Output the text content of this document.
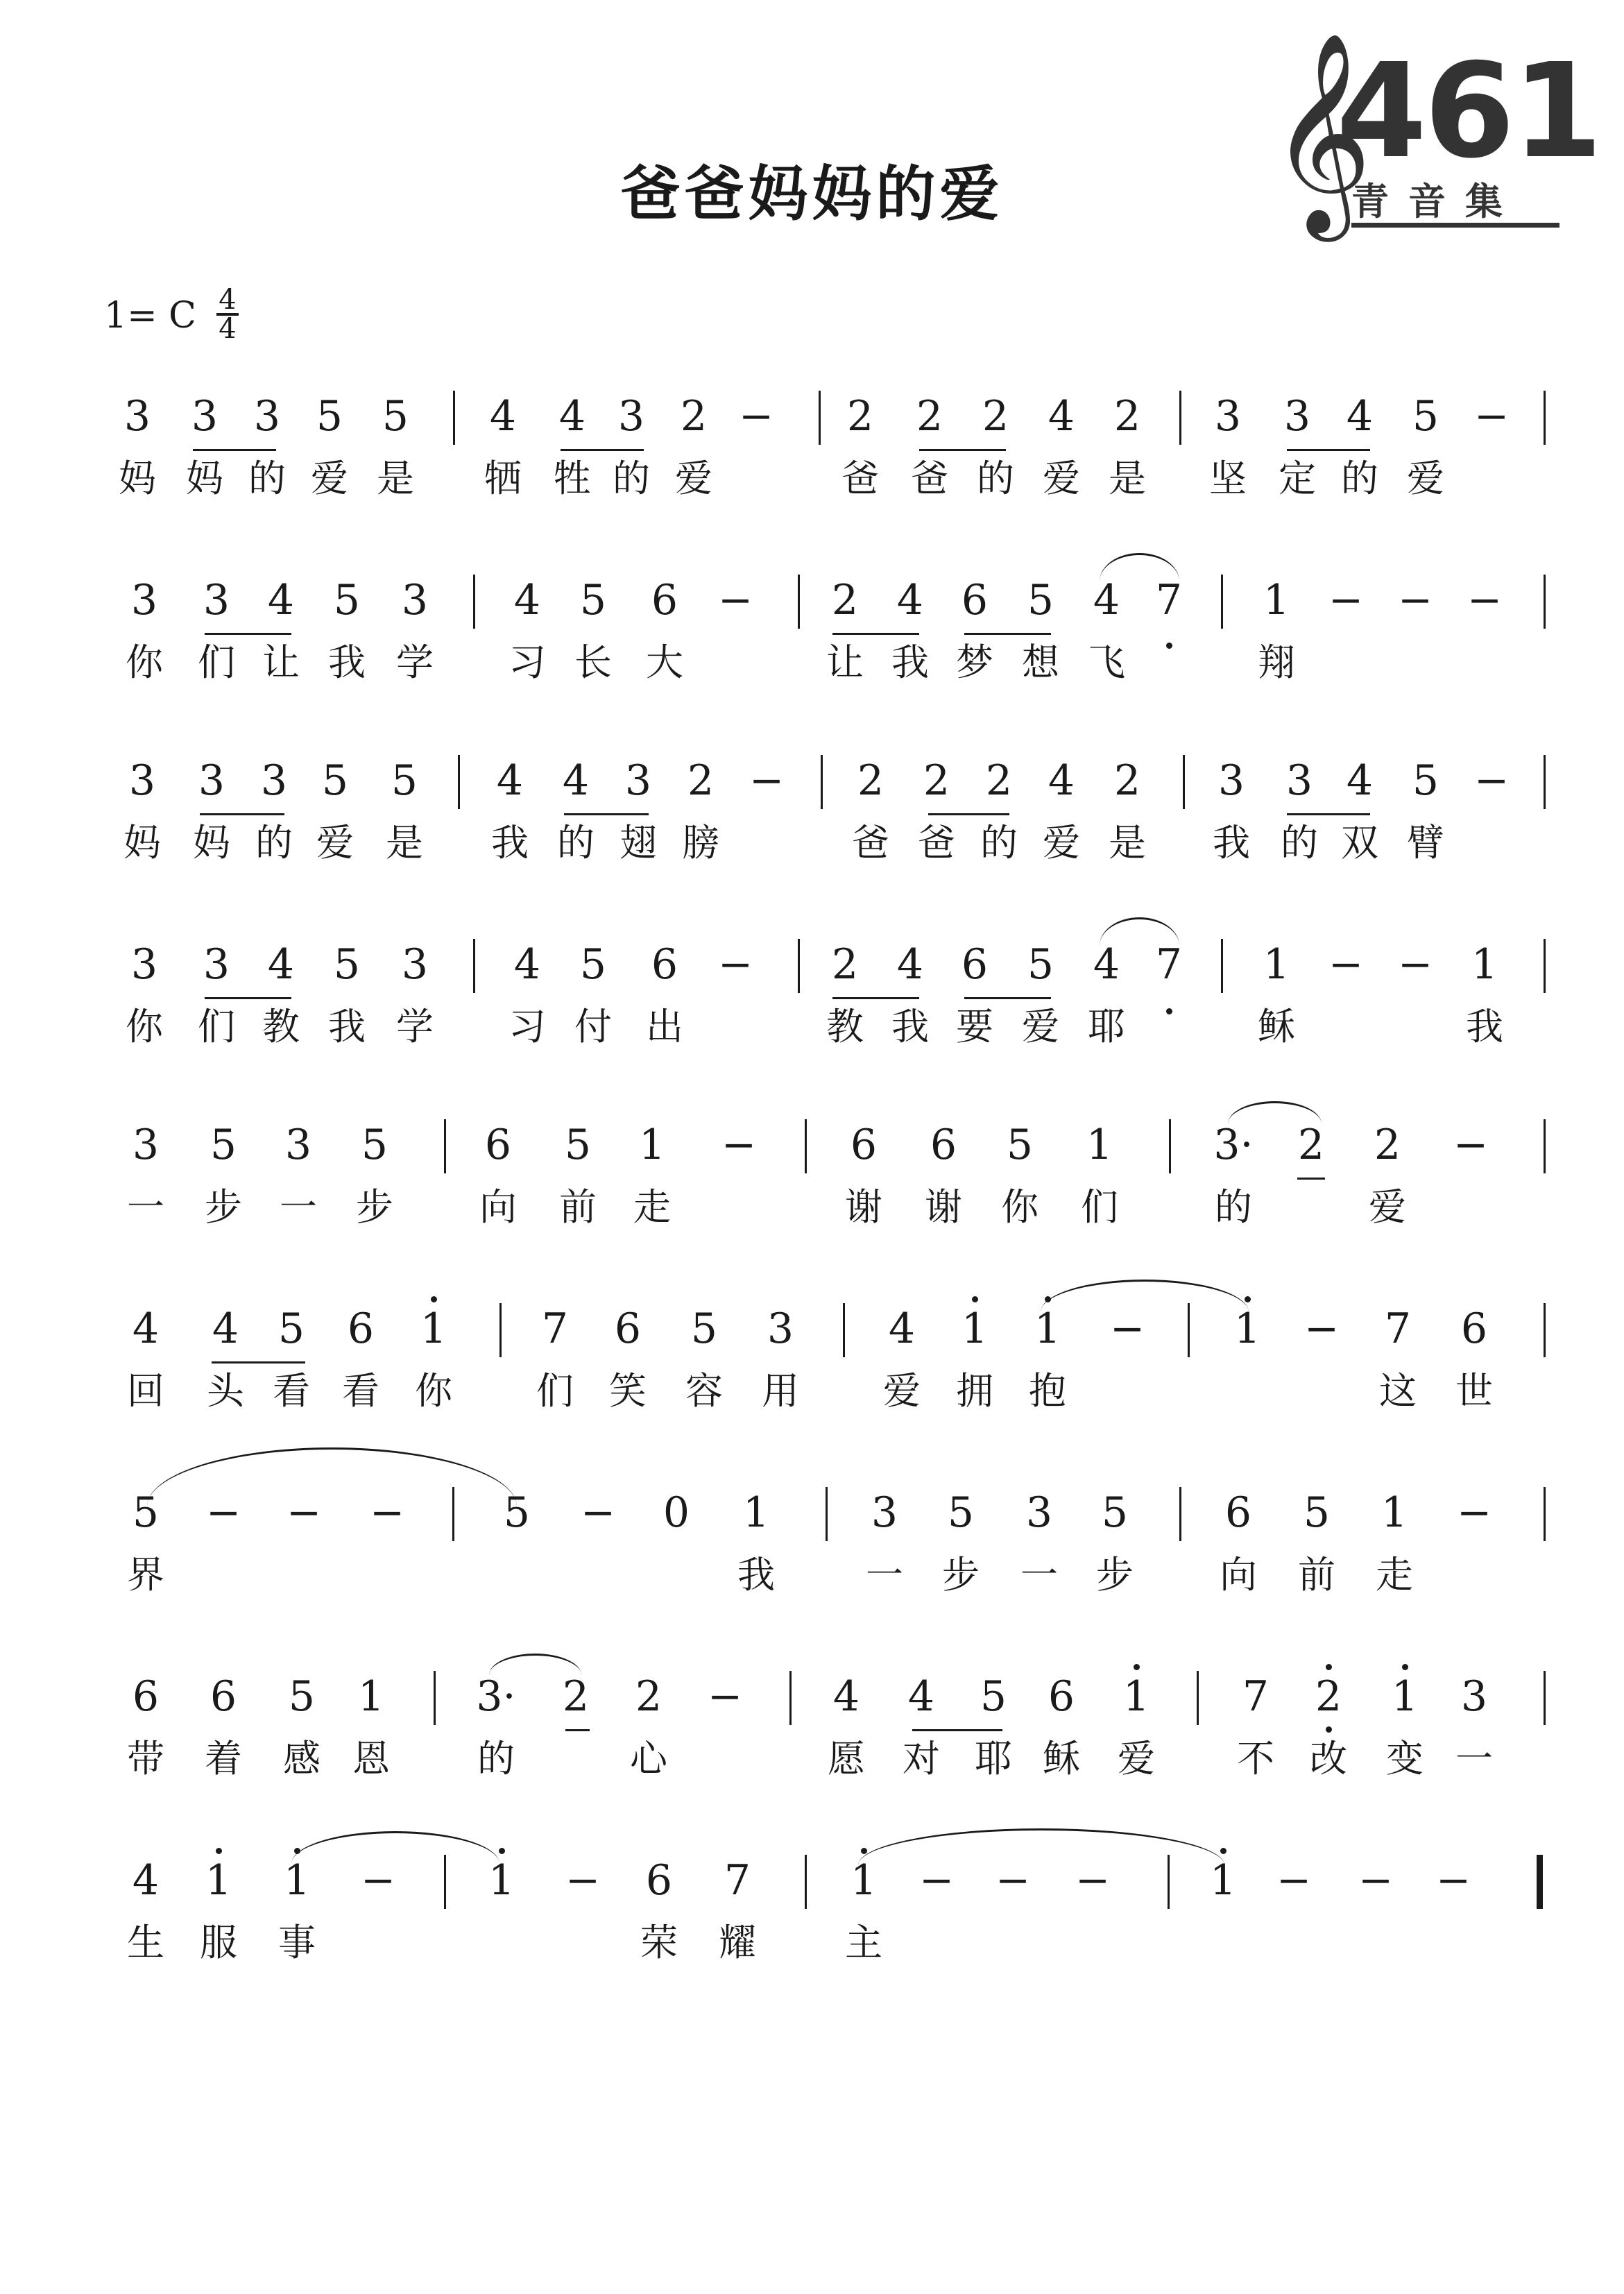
爸爸妈妈的爱	𝄞
461
青音集
1= C 4
4
3 3 3 5 5 4 4 3 2 − 2 2 2 4 2 3 3 4 5 −
妈 妈 的 爱 是 牺 牲 的 爱	爸 爸 的 爱 是 坚 定 的 爱
3 3 4 5 3 4 5 6 − 2 4 6 5 4 7 1 − − −
你 们 让 我 学 习 长 大	让 我 梦 想 飞	翔
3 3 3 5 5 4 4 3 2 − 2 2 2 4 2 3 3 4 5 −
妈 妈 的 爱 是 我 的 翅 膀	爸 爸 的 爱 是 我 的 双 臂
3 3 4 5 3 4 5 6 − 2 4 6 5 4 7 1 − − 1
你 们 教 我 学 习 付 出	教 我 要 爱 耶	稣	我
3 5 3 5 6 5 1 − 6 6 5 1 3· 2 2 −
一 步 一 步 向 前 走	谢 谢 你 们	的	爱
4 4 5 6 1 7 6 5 3 4 1 1 − 1 − 7 6
回 头 看 看 你 们 笑 容 用 爱 拥 抱	这 世
5 − − − 5 − 0 1 3 5 3 5 6 5 1 −
界	我 一 步 一 步 向 前 走
6 6 5 1 3· 2 2 − 4 4 5 6 1 7 2 1 3
带 着 感 恩 的	心	愿 对 耶 稣 爱 不 改 变 一
4 1 1 − 1 − 6 7 1 − − − 1 − − −
生 服 事	荣 耀 主
